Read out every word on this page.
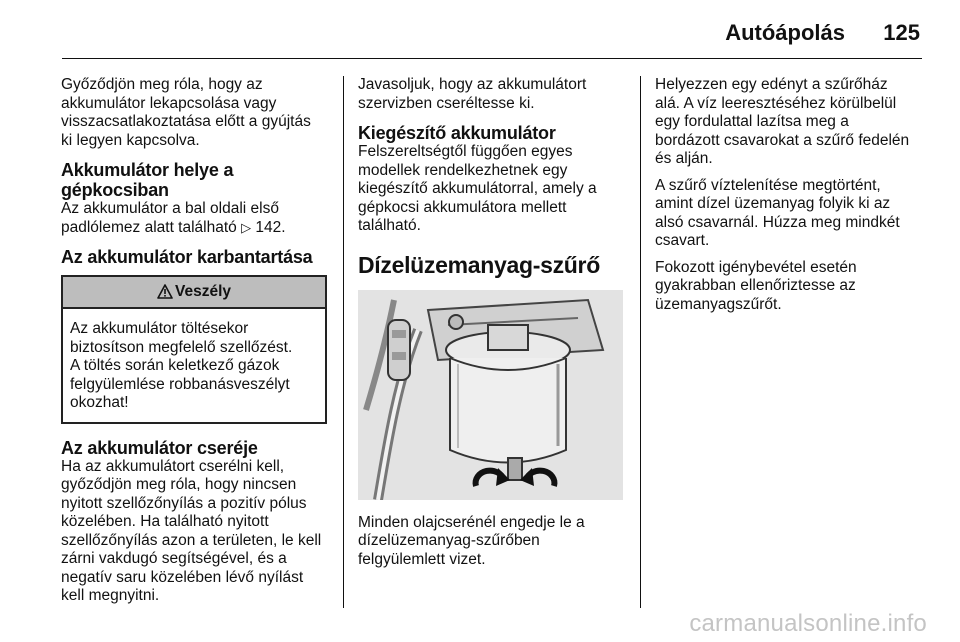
Autóápolás	125

Győződjön meg róla, hogy az
akkumulátor lekapcsolása vagy
visszacsatlakoztatása előtt a gyújtás
ki legyen kapcsolva.

Akkumulátor helye a
gépkocsiban

Az akkumulátor a bal oldali első
padlólemez alatt található ▷ 142.

Az akkumulátor karbantartása
Veszély
Az akkumulátor töltésekor
biztosítson megfelelő szellőzést.
A töltés során keletkező gázok
felgyülemlése robbanásveszélyt
okozhat!
Az akkumulátor cseréje

Ha az akkumulátort cserélni kell,
győződjön meg róla, hogy nincsen
nyitott szellőzőnyílás a pozitív pólus
közelében. Ha található nyitott
szellőzőnyílás azon a területen, le kell
zárni vakdugó segítségével, és a
negatív saru közelében lévő nyílást
kell megnyitni.

Javasoljuk, hogy az akkumulátort
szervizben cseréltesse ki.

Kiegészítő akkumulátor

Felszereltségtől függően egyes
modellek rendelkezhetnek egy
kiegészítő akkumulátorral, amely a
gépkocsi akkumulátora mellett
található.

Dízelüzemanyag-szűrő

Minden olajcserénél engedje le a
dízelüzemanyag-szűrőben
felgyülemlett vizet.

Helyezzen egy edényt a szűrőház
alá. A víz leeresztéséhez körülbelül
egy fordulattal lazítsa meg a
bordázott csavarokat a szűrő fedelén
és alján.

A szűrő víztelenítése megtörtént,
amint dízel üzemanyag folyik ki az
alsó csavarnál. Húzza meg mindkét
csavart.

Fokozott igénybevétel esetén
gyakrabban ellenőriztesse az
üzemanyagszűrőt.

carmanualsonline.info
